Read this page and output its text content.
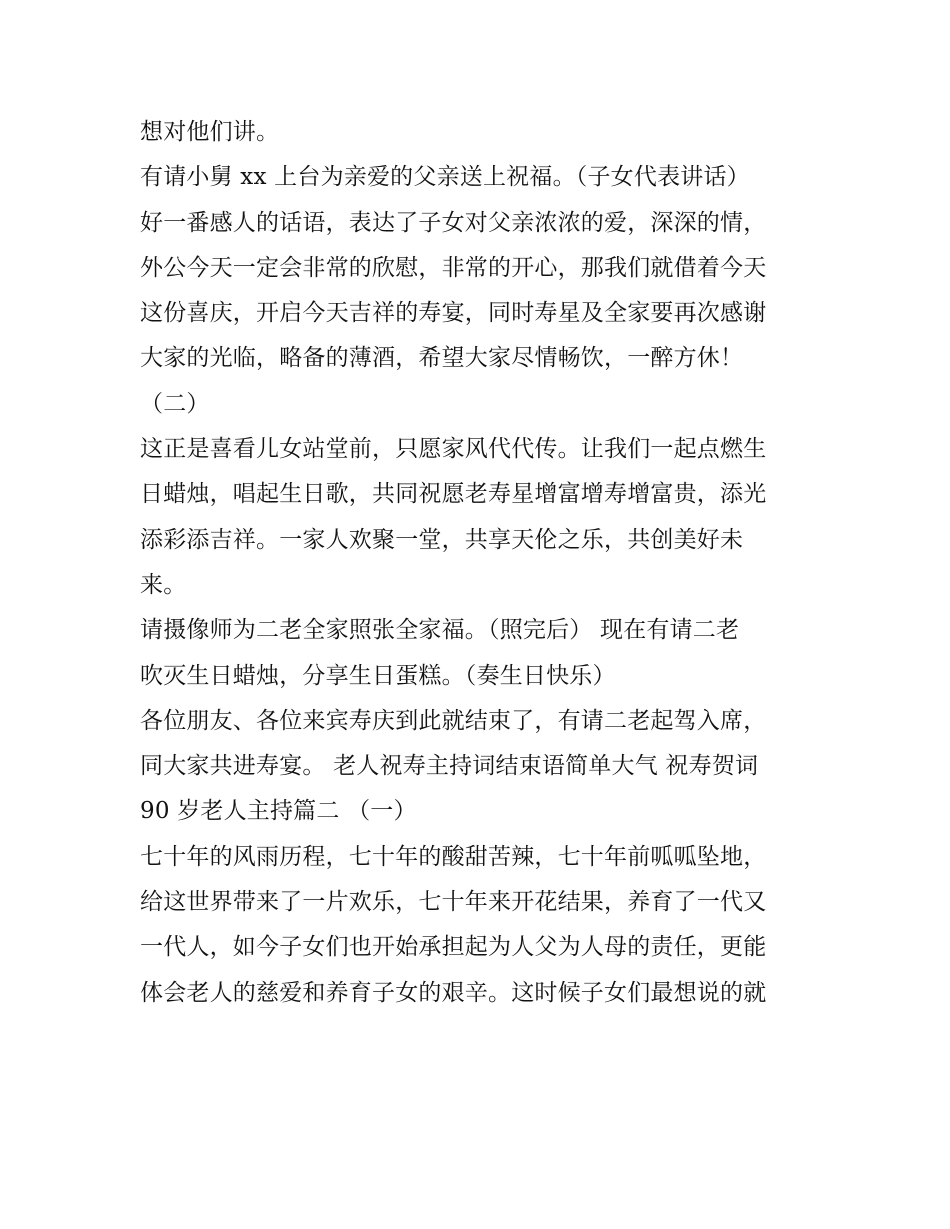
想对他们讲。
有请小舅 xx 上台为亲爱的父亲送上祝福。（子女代表讲话）
好一番感人的话语，表达了子女对父亲浓浓的爱，深深的情，
外公今天一定会非常的欣慰，非常的开心，那我们就借着今天
这份喜庆，开启今天吉祥的寿宴，同时寿星及全家要再次感谢
大家的光临，略备的薄酒，希望大家尽情畅饮，一醉方休！
（二）
这正是喜看儿女站堂前，只愿家风代代传。让我们一起点燃生
日蜡烛，唱起生日歌，共同祝愿老寿星增富增寿增富贵，添光
添彩添吉祥。一家人欢聚一堂，共享天伦之乐，共创美好未
来。
请摄像师为二老全家照张全家福。（照完后） 现在有请二老
吹灭生日蜡烛，分享生日蛋糕。（奏生日快乐）
各位朋友、各位来宾寿庆到此就结束了，有请二老起驾入席，
同大家共进寿宴。 老人祝寿主持词结束语简单大气 祝寿贺词
90 岁老人主持篇二 （一）
七十年的风雨历程，七十年的酸甜苦辣，七十年前呱呱坠地，
给这世界带来了一片欢乐，七十年来开花结果，养育了一代又
一代人，如今子女们也开始承担起为人父为人母的责任，更能
体会老人的慈爱和养育子女的艰辛。这时候子女们最想说的就
